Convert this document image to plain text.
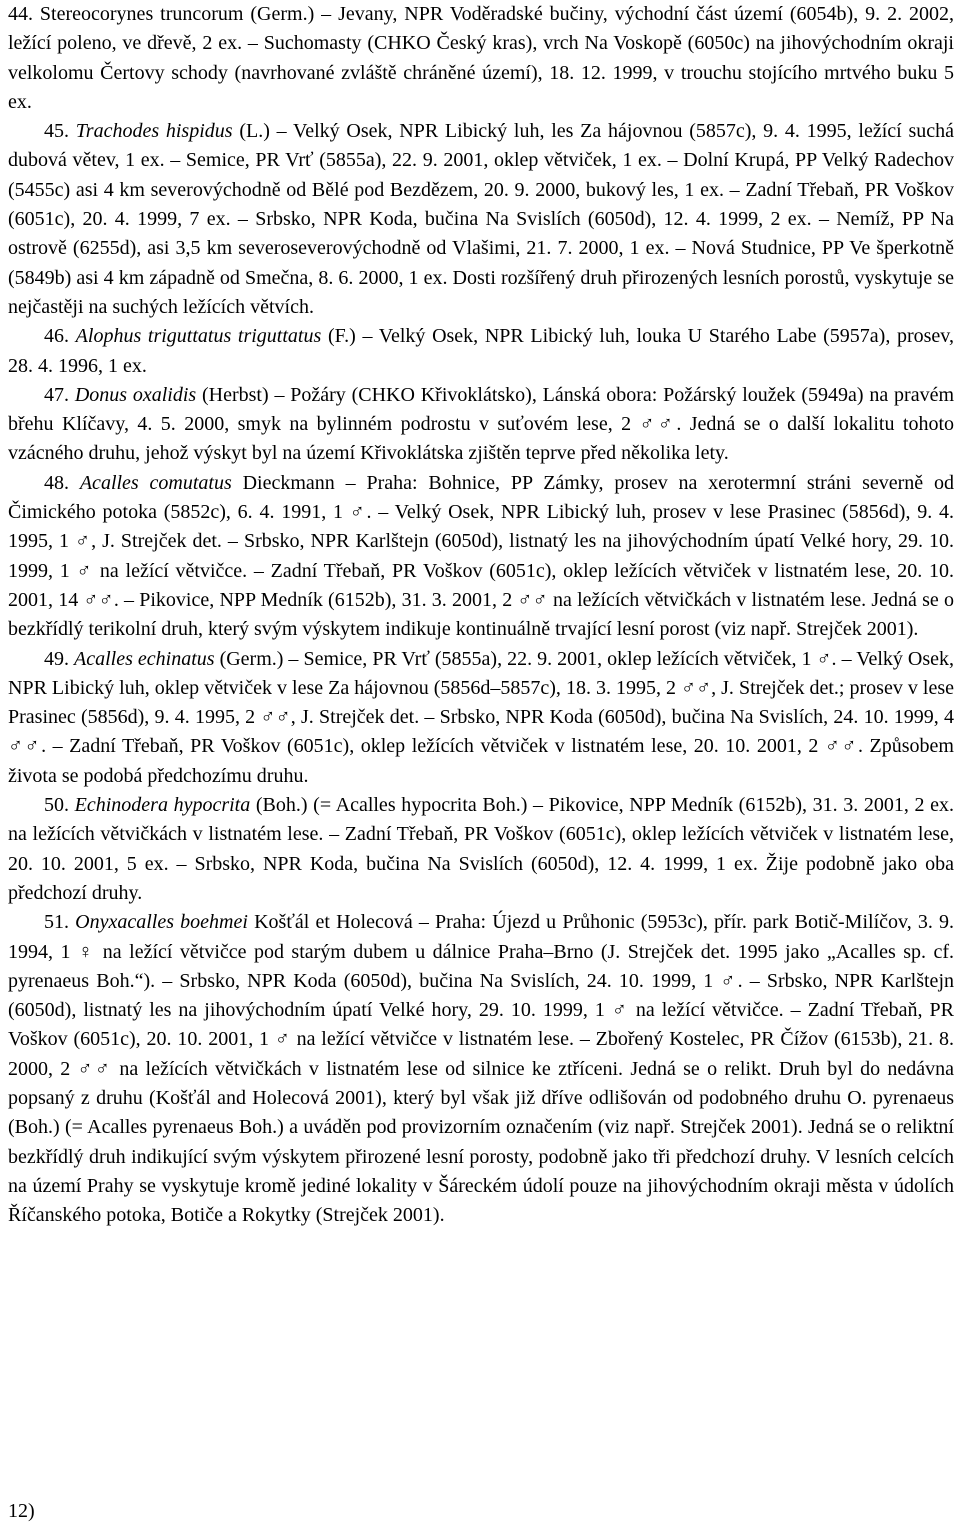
44. Stereocorynes truncorum (Germ.) – Jevany, NPR Voděradské bučiny, východní část území (6054b), 9. 2. 2002, ležící poleno, ve dřevě, 2 ex. – Suchomasty (CHKO Český kras), vrch Na Voskopě (6050c) na jihovýchodním okraji velkolomu Čertovy schody (navrhované zvláště chráněné území), 18. 12. 1999, v trouchu stojícího mrtvého buku 5 ex.

45. Trachodes hispidus (L.) – Velký Osek, NPR Libický luh, les Za hájovnou (5857c), 9. 4. 1995, ležící suchá dubová větev, 1 ex. – Semice, PR Vrť (5855a), 22. 9. 2001, oklep větviček, 1 ex. – Dolní Krupá, PP Velký Radechov (5455c) asi 4 km severovýchodně od Bělé pod Bezdězem, 20. 9. 2000, bukový les, 1 ex. – Zadní Třebaň, PR Voškov (6051c), 20. 4. 1999, 7 ex. – Srbsko, NPR Koda, bučina Na Svislích (6050d), 12. 4. 1999, 2 ex. – Nemíž, PP Na ostrově (6255d), asi 3,5 km severoseverovýchodně od Vlašimi, 21. 7. 2000, 1 ex. – Nová Studnice, PP Ve šperkotně (5849b) asi 4 km západně od Smečna, 8. 6. 2000, 1 ex. Dosti rozšířený druh přirozených lesních porostů, vyskytuje se nejčastěji na suchých ležících větvích.

46. Alophus triguttatus triguttatus (F.) – Velký Osek, NPR Libický luh, louka U Starého Labe (5957a), prosev, 28. 4. 1996, 1 ex.

47. Donus oxalidis (Herbst) – Požáry (CHKO Křivoklátsko), Lánská obora: Požárský loužek (5949a) na pravém břehu Klíčavy, 4. 5. 2000, smyk na bylinném podrostu v suťovém lese, 2 ♂♂. Jedná se o další lokalitu tohoto vzácného druhu, jehož výskyt byl na území Křivoklátska zjištěn teprve před několika lety.

48. Acalles comutatus Dieckmann – Praha: Bohnice, PP Zámky, prosev na xerotermní stráni severně od Čimického potoka (5852c), 6. 4. 1991, 1 ♂. – Velký Osek, NPR Libický luh, prosev v lese Prasinec (5856d), 9. 4. 1995, 1 ♂, J. Strejček det. – Srbsko, NPR Karlštejn (6050d), listnatý les na jihovýchodním úpatí Velké hory, 29. 10. 1999, 1 ♂ na ležící větvičce. – Zadní Třebaň, PR Voškov (6051c), oklep ležících větviček v listnatém lese, 20. 10. 2001, 14 ♂♂. – Pikovice, NPP Medník (6152b), 31. 3. 2001, 2 ♂♂ na ležících větvičkách v listnatém lese. Jedná se o bezkřídlý terikolní druh, který svým výskytem indikuje kontinuálně trvající lesní porost (viz např. Strejček 2001).

49. Acalles echinatus (Germ.) – Semice, PR Vrť (5855a), 22. 9. 2001, oklep ležících větviček, 1 ♂. – Velký Osek, NPR Libický luh, oklep větviček v lese Za hájovnou (5856d–5857c), 18. 3. 1995, 2 ♂♂, J. Strejček det.; prosev v lese Prasinec (5856d), 9. 4. 1995, 2 ♂♂, J. Strejček det. – Srbsko, NPR Koda (6050d), bučina Na Svislích, 24. 10. 1999, 4 ♂♂. – Zadní Třebaň, PR Voškov (6051c), oklep ležících větviček v listnatém lese, 20. 10. 2001, 2 ♂♂. Způsobem života se podobá předchozímu druhu.

50. Echinodera hypocrita (Boh.) (= Acalles hypocrita Boh.) – Pikovice, NPP Medník (6152b), 31. 3. 2001, 2 ex. na ležících větvičkách v listnatém lese. – Zadní Třebaň, PR Voškov (6051c), oklep ležících větviček v listnatém lese, 20. 10. 2001, 5 ex. – Srbsko, NPR Koda, bučina Na Svislích (6050d), 12. 4. 1999, 1 ex. Žije podobně jako oba předchozí druhy.

51. Onyxacalles boehmei Košťál et Holecová – Praha: Újezd u Průhonic (5953c), přír. park Botič-Milíčov, 3. 9. 1994, 1 ♀ na ležící větvičce pod starým dubem u dálnice Praha–Brno (J. Strejček det. 1995 jako „Acalles sp. cf. pyrenaeus Boh.“). – Srbsko, NPR Koda (6050d), bučina Na Svislích, 24. 10. 1999, 1 ♂. – Srbsko, NPR Karlštejn (6050d), listnatý les na jihovýchodním úpatí Velké hory, 29. 10. 1999, 1 ♂ na ležící větvičce. – Zadní Třebaň, PR Voškov (6051c), 20. 10. 2001, 1 ♂ na ležící větvičce v listnatém lese. – Zbořený Kostelec, PR Čížov (6153b), 21. 8. 2000, 2 ♂♂ na ležících větvičkách v listnatém lese od silnice ke ztříceni. Jedná se o relikt. Druh byl do nedávna popsaný z druhu (Košťál and Holecová 2001), který byl však již dříve odlišován od podobného druhu O. pyrenaeus (Boh.) (= Acalles pyrenaeus Boh.) a uváděn pod provizorním označením (viz např. Strejček 2001). Jedná se o reliktní bezkřídlý druh indikující svým výskytem přirozené lesní porosty, podobně jako tři předchozí druhy. V lesních celcích na území Prahy se vyskytuje kromě jediné lokality v Šáreckém údolí pouze na jihovýchodním okraji města v údolích Říčanského potoka, Botiče a Rokytky (Strejček 2001).

12)
